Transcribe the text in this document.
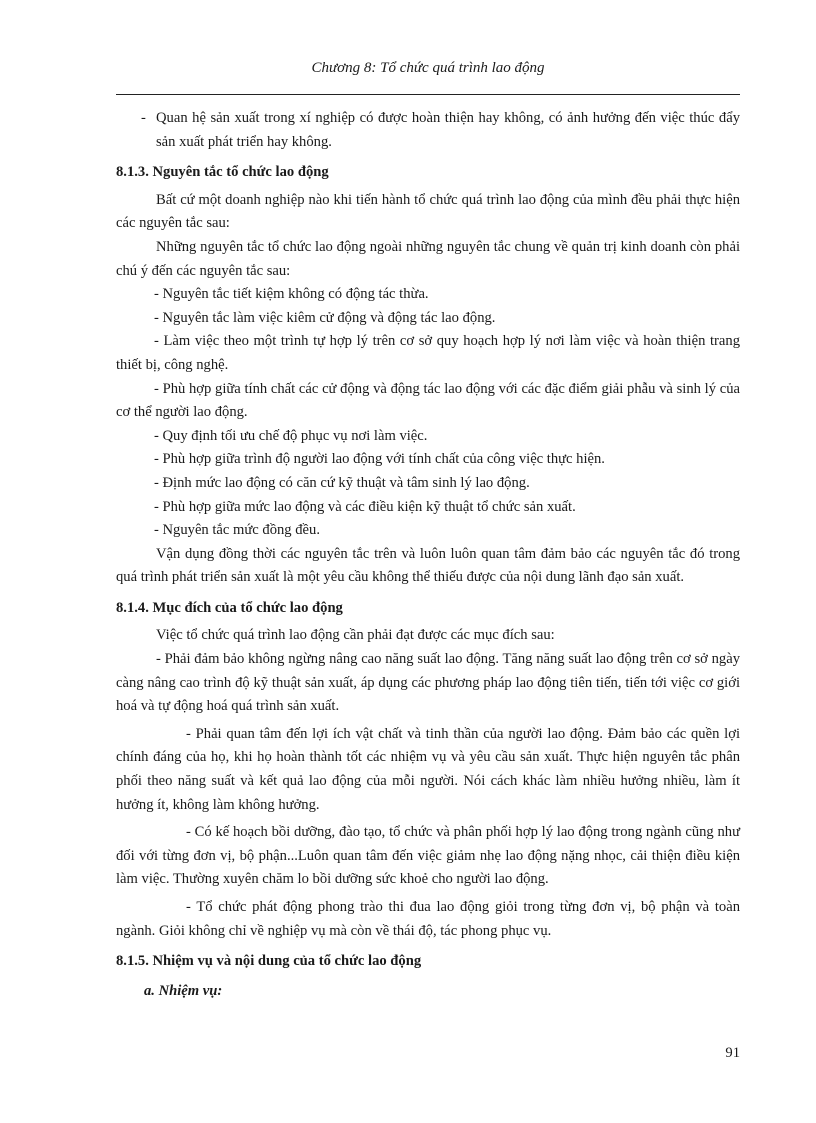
Chương 8: Tổ chức quá trình lao động

- Quan hệ sản xuất trong xí nghiệp có được hoàn thiện hay không, có ảnh hưởng đến việc thúc đẩy sản xuất phát triển hay không.

8.1.3. Nguyên tắc tổ chức lao động

Bất cứ một doanh nghiệp nào khi tiến hành tổ chức quá trình lao động của mình đều phải thực hiện các nguyên tắc sau:

Những nguyên tắc tổ chức lao động ngoài những nguyên tắc chung về quản trị kinh doanh còn phải chú ý đến các nguyên tắc sau:

- Nguyên tắc tiết kiệm không có động tác thừa.

- Nguyên tắc làm việc kiêm cử động và động tác lao động.

- Làm việc theo một trình tự hợp lý trên cơ sở quy hoạch hợp lý nơi làm việc và hoàn thiện trang thiết bị, công nghệ.

- Phù hợp giữa tính chất các cử động và động tác lao động với các đặc điểm giải phẫu và sinh lý của cơ thể người lao động.

- Quy định tối ưu chế độ phục vụ nơi làm việc.

- Phù hợp giữa trình độ người lao động với tính chất của công việc thực hiện.

- Định mức lao động có căn cứ kỹ thuật và tâm sinh lý lao động.

- Phù hợp giữa mức lao động và các điều kiện kỹ thuật tổ chức sản xuất.

- Nguyên tắc mức đồng đều.

Vận dụng đồng thời các nguyên tắc trên và luôn luôn quan tâm đảm bảo các nguyên tắc đó trong quá trình phát triển sản xuất là một yêu cầu không thể thiếu được của nội dung lãnh đạo sản xuất.

8.1.4. Mục đích của tổ chức lao động

Việc tổ chức quá trình lao động cần phải đạt được các mục đích sau:

- Phải đảm bảo không ngừng nâng cao năng suất lao động. Tăng năng suất lao động trên cơ sở ngày càng nâng cao trình độ kỹ thuật sản xuất, áp dụng các phương pháp lao động tiên tiến, tiến tới việc cơ giới hoá và tự động hoá quá trình sản xuất.

- Phải quan tâm đến lợi ích vật chất và tinh thần của người lao động. Đảm bảo các quền lợi chính đáng của họ, khi họ hoàn thành tốt các nhiệm vụ và yêu cầu sản xuất. Thực hiện nguyên tắc phân phối theo năng suất và kết quả lao động của mỗi người. Nói cách khác làm nhiều hưởng nhiều, làm ít hưởng ít, không làm không hưởng.

- Có kế hoạch bồi dưỡng, đào tạo, tổ chức và phân phối hợp lý lao động trong ngành cũng như đối với từng đơn vị, bộ phận...Luôn quan tâm đến việc giảm nhẹ lao động nặng nhọc, cải thiện điều kiện làm việc. Thường xuyên chăm lo bồi dưỡng sức khoẻ cho người lao động.

- Tổ chức phát động phong trào thi đua lao động giỏi trong từng đơn vị, bộ phận và toàn ngành. Giỏi không chỉ về nghiệp vụ mà còn về thái độ, tác phong phục vụ.

8.1.5. Nhiệm vụ và nội dung của tổ chức lao động

a. Nhiệm vụ:

91
